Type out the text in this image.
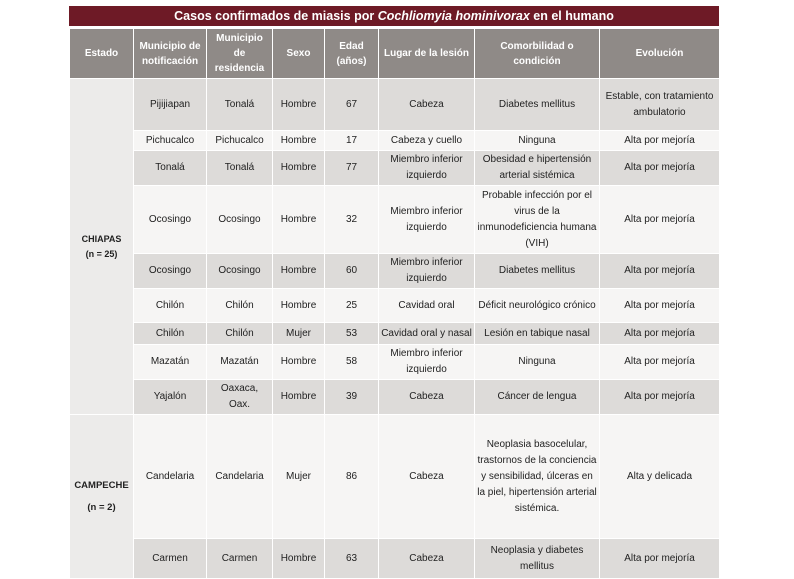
Casos confirmados de miasis por Cochliomyia hominivorax en el humano
Estado	Municipio de notificación	Municipio de residencia	Sexo	Edad (años)	Lugar de la lesión	Comorbilidad o condición	Evolución

CHIAPAS
(n = 25)	Pijijiapan	Tonalá	Hombre	67	Cabeza	Diabetes mellitus	Estable, con tratamiento ambulatorio
	Pichucalco	Pichucalco	Hombre	17	Cabeza y cuello	Ninguna	Alta por mejoría
	Tonalá	Tonalá	Hombre	77	Miembro inferior izquierdo	Obesidad e hipertensión arterial sistémica	Alta por mejoría
	Ocosingo	Ocosingo	Hombre	32	Miembro inferior izquierdo	Probable infección por el virus de la inmunodeficiencia humana (VIH)	Alta por mejoría
	Ocosingo	Ocosingo	Hombre	60	Miembro inferior izquierdo	Diabetes mellitus	Alta por mejoría
	Chilón	Chilón	Hombre	25	Cavidad oral	Déficit neurológico crónico	Alta por mejoría
	Chilón	Chilón	Mujer	53	Cavidad oral y nasal	Lesión en tabique nasal	Alta por mejoría
	Mazatán	Mazatán	Hombre	58	Miembro inferior izquierdo	Ninguna	Alta por mejoría
	Yajalón	Oaxaca, Oax.	Hombre	39	Cabeza	Cáncer de lengua	Alta por mejoría

CAMPECHE
(n = 2)	Candelaria	Candelaria	Mujer	86	Cabeza	Neoplasia basocelular, trastornos de la conciencia y sensibilidad, úlceras en la piel, hipertensión arterial sistémica.	Alta y delicada
	Carmen	Carmen	Hombre	63	Cabeza	Neoplasia y diabetes mellitus	Alta por mejoría
